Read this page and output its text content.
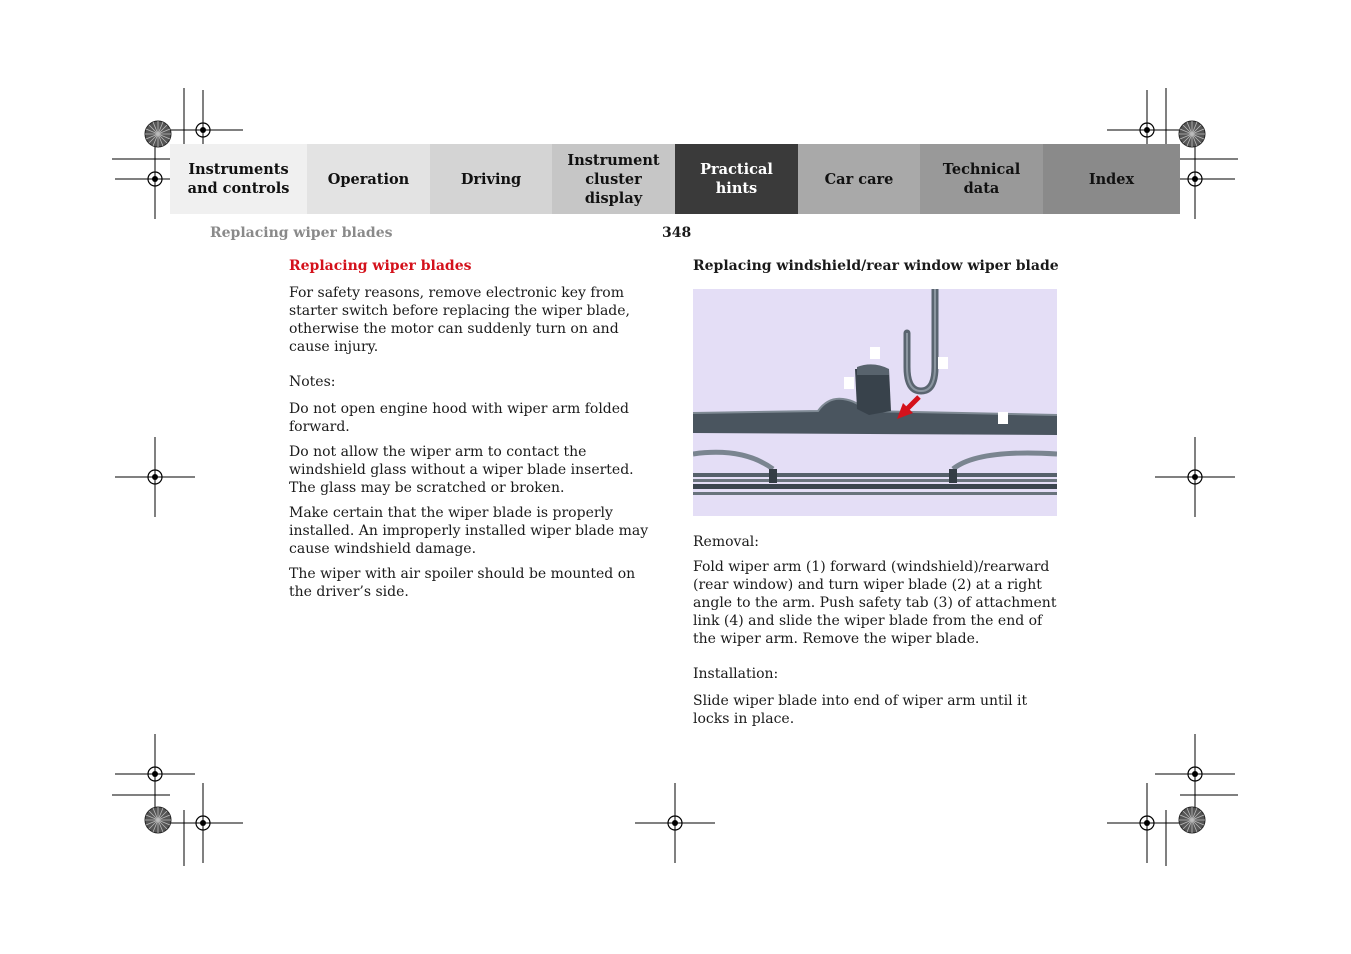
Instruments
and controls
Operation	Driving
Instrument
cluster display
Practical hints
Car care
Technical
data
Index
Replacing wiper blades	348

Replacing wiper blades

For safety reasons, remove electronic key from starter switch before replacing the wiper blade, otherwise the motor can suddenly turn on and cause injury.

Notes:

Do not open engine hood with wiper arm folded forward.

Do not allow the wiper arm to contact the windshield glass without a wiper blade inserted. The glass may be scratched or broken.

Make certain that the wiper blade is properly installed. An improperly installed wiper blade may cause windshield damage.

The wiper with air spoiler should be mounted on the driver’s side.

Replacing windshield/rear window wiper blade

Removal:

Fold wiper arm (1) forward (windshield)/rearward (rear window) and turn wiper blade (2) at a right angle to the arm. Push safety tab (3) of attachment link (4) and slide the wiper blade from the end of the wiper arm. Remove the wiper blade.

Installation:

Slide wiper blade into end of wiper arm until it locks in place.
